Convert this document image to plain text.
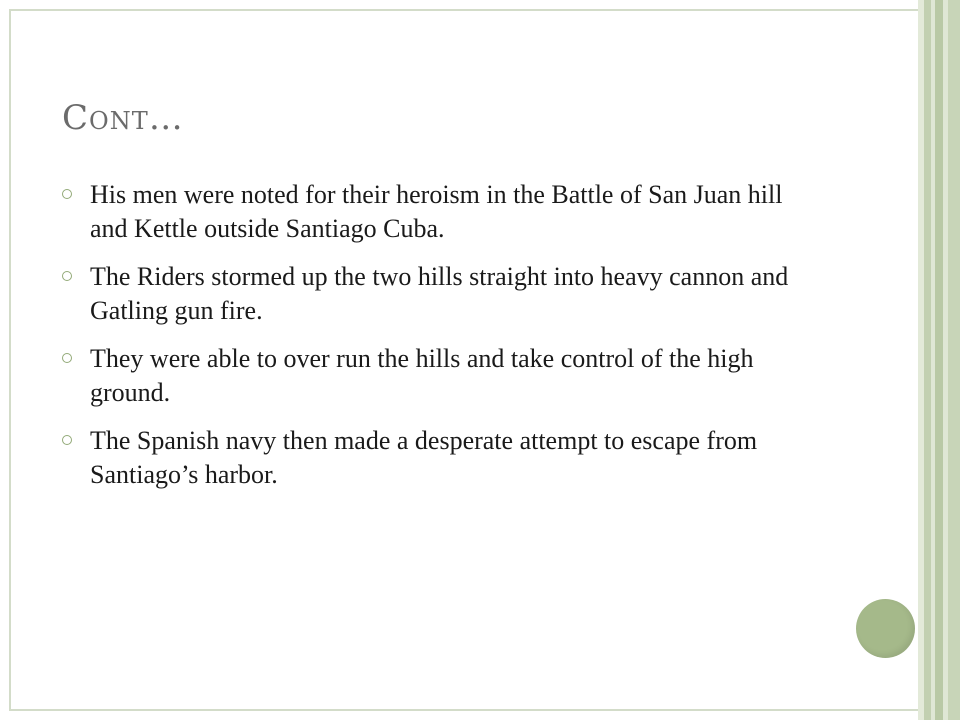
Cont…
His men were noted for their heroism in the Battle of San Juan hill and Kettle outside Santiago Cuba.
The Riders stormed up the two hills straight into heavy cannon and Gatling gun fire.
They were able to over run the hills and take control of the high ground.
The Spanish navy then made a desperate attempt to escape from Santiago’s harbor.
